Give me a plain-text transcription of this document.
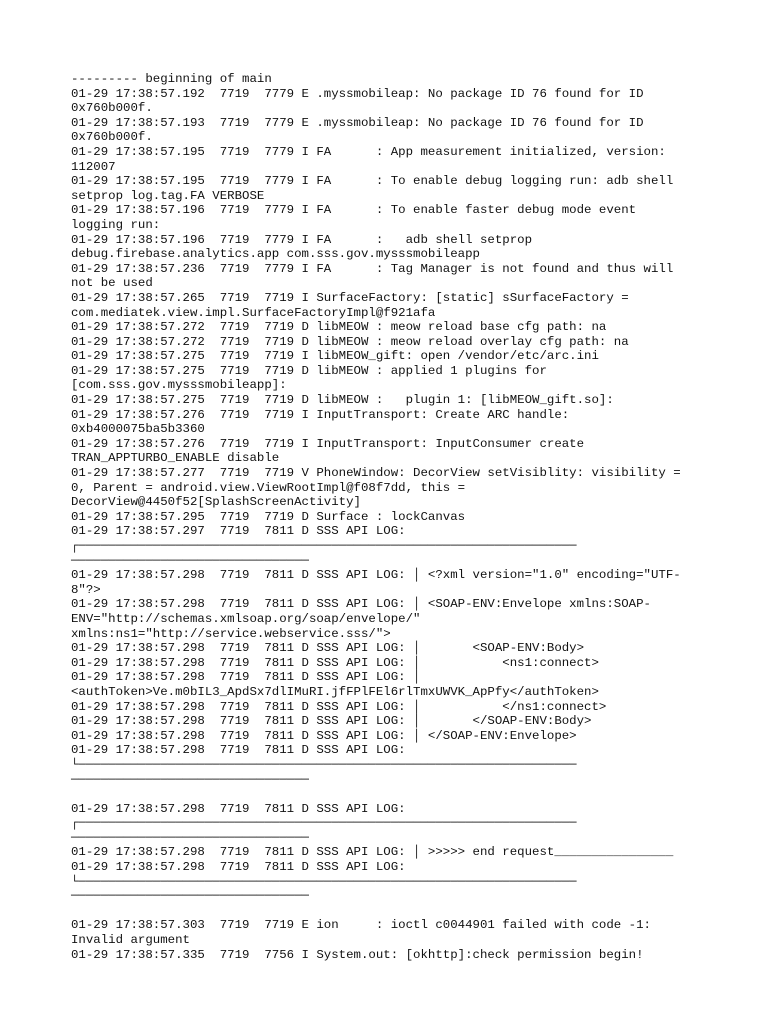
--------- beginning of main
01-29 17:38:57.192  7719  7779 E .myssmobileap: No package ID 76 found for ID
0x760b000f.
01-29 17:38:57.193  7719  7779 E .myssmobileap: No package ID 76 found for ID
0x760b000f.
01-29 17:38:57.195  7719  7779 I FA      : App measurement initialized, version:
112007
01-29 17:38:57.195  7719  7779 I FA      : To enable debug logging run: adb shell
setprop log.tag.FA VERBOSE
01-29 17:38:57.196  7719  7779 I FA      : To enable faster debug mode event
logging run:
01-29 17:38:57.196  7719  7779 I FA      :   adb shell setprop
debug.firebase.analytics.app com.sss.gov.mysssmobileapp
01-29 17:38:57.236  7719  7779 I FA      : Tag Manager is not found and thus will
not be used
01-29 17:38:57.265  7719  7719 I SurfaceFactory: [static] sSurfaceFactory =
com.mediatek.view.impl.SurfaceFactoryImpl@f921afa
01-29 17:38:57.272  7719  7719 D libMEOW : meow reload base cfg path: na
01-29 17:38:57.272  7719  7719 D libMEOW : meow reload overlay cfg path: na
01-29 17:38:57.275  7719  7719 I libMEOW_gift: open /vendor/etc/arc.ini
01-29 17:38:57.275  7719  7719 D libMEOW : applied 1 plugins for
[com.sss.gov.mysssmobileapp]:
01-29 17:38:57.275  7719  7719 D libMEOW :   plugin 1: [libMEOW_gift.so]:
01-29 17:38:57.276  7719  7719 I InputTransport: Create ARC handle:
0xb4000075ba5b3360
01-29 17:38:57.276  7719  7719 I InputTransport: InputConsumer create
TRAN_APPTURBO_ENABLE disable
01-29 17:38:57.277  7719  7719 V PhoneWindow: DecorView setVisiblity: visibility =
0, Parent = android.view.ViewRootImpl@f08f7dd, this =
DecorView@4450f52[SplashScreenActivity]
01-29 17:38:57.295  7719  7719 D Surface : lockCanvas
01-29 17:38:57.297  7719  7811 D SSS API LOG:
┌───────────────────────────────────────────────────────────────────
────────────────────────────────
01-29 17:38:57.298  7719  7811 D SSS API LOG: │ <?xml version="1.0" encoding="UTF-
8"?>
01-29 17:38:57.298  7719  7811 D SSS API LOG: │ <SOAP-ENV:Envelope xmlns:SOAP-
ENV="http://schemas.xmlsoap.org/soap/envelope/"
xmlns:ns1="http://service.webservice.sss/">
01-29 17:38:57.298  7719  7811 D SSS API LOG: │       <SOAP-ENV:Body>
01-29 17:38:57.298  7719  7811 D SSS API LOG: │           <ns1:connect>
01-29 17:38:57.298  7719  7811 D SSS API LOG: │
<authToken>Ve.m0bIL3_ApdSx7dlIMuRI.jfFPlFEl6rlTmxUWVK_ApPfy</authToken>
01-29 17:38:57.298  7719  7811 D SSS API LOG: │           </ns1:connect>
01-29 17:38:57.298  7719  7811 D SSS API LOG: │       </SOAP-ENV:Body>
01-29 17:38:57.298  7719  7811 D SSS API LOG: │ </SOAP-ENV:Envelope>
01-29 17:38:57.298  7719  7811 D SSS API LOG:
└───────────────────────────────────────────────────────────────────
────────────────────────────────
01-29 17:38:57.298  7719  7811 D SSS API LOG:
┌───────────────────────────────────────────────────────────────────
────────────────────────────────
01-29 17:38:57.298  7719  7811 D SSS API LOG: │ >>>>> end request________________
01-29 17:38:57.298  7719  7811 D SSS API LOG:
└───────────────────────────────────────────────────────────────────
────────────────────────────────
01-29 17:38:57.303  7719  7719 E ion     : ioctl c0044901 failed with code -1:
Invalid argument
01-29 17:38:57.335  7719  7756 I System.out: [okhttp]:check permission begin!
